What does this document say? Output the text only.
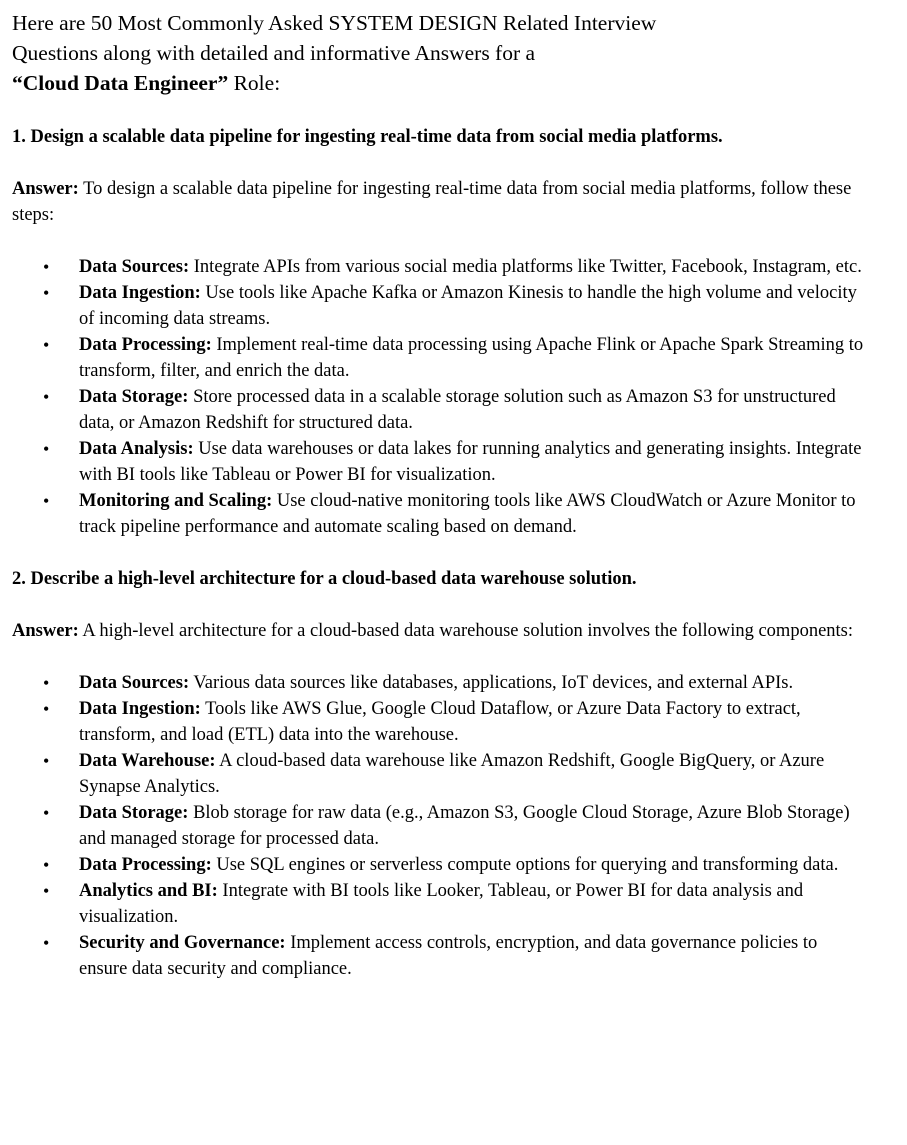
Here are 50 Most Commonly Asked SYSTEM DESIGN Related Interview
Questions along with detailed and informative Answers for a
“Cloud Data Engineer” Role:
1. Design a scalable data pipeline for ingesting real-time data from social media platforms.
Answer: To design a scalable data pipeline for ingesting real-time data from social media platforms, follow these steps:
• Data Sources: Integrate APIs from various social media platforms like Twitter, Facebook, Instagram, etc.
• Data Ingestion: Use tools like Apache Kafka or Amazon Kinesis to handle the high volume and velocity of incoming data streams.
• Data Processing: Implement real-time data processing using Apache Flink or Apache Spark Streaming to transform, filter, and enrich the data.
• Data Storage: Store processed data in a scalable storage solution such as Amazon S3 for unstructured data, or Amazon Redshift for structured data.
• Data Analysis: Use data warehouses or data lakes for running analytics and generating insights. Integrate with BI tools like Tableau or Power BI for visualization.
• Monitoring and Scaling: Use cloud-native monitoring tools like AWS CloudWatch or Azure Monitor to track pipeline performance and automate scaling based on demand.
2. Describe a high-level architecture for a cloud-based data warehouse solution.
Answer: A high-level architecture for a cloud-based data warehouse solution involves the following components:
• Data Sources: Various data sources like databases, applications, IoT devices, and external APIs.
• Data Ingestion: Tools like AWS Glue, Google Cloud Dataflow, or Azure Data Factory to extract, transform, and load (ETL) data into the warehouse.
• Data Warehouse: A cloud-based data warehouse like Amazon Redshift, Google BigQuery, or Azure Synapse Analytics.
• Data Storage: Blob storage for raw data (e.g., Amazon S3, Google Cloud Storage, Azure Blob Storage) and managed storage for processed data.
• Data Processing: Use SQL engines or serverless compute options for querying and transforming data.
• Analytics and BI: Integrate with BI tools like Looker, Tableau, or Power BI for data analysis and visualization.
• Security and Governance: Implement access controls, encryption, and data governance policies to ensure data security and compliance.
